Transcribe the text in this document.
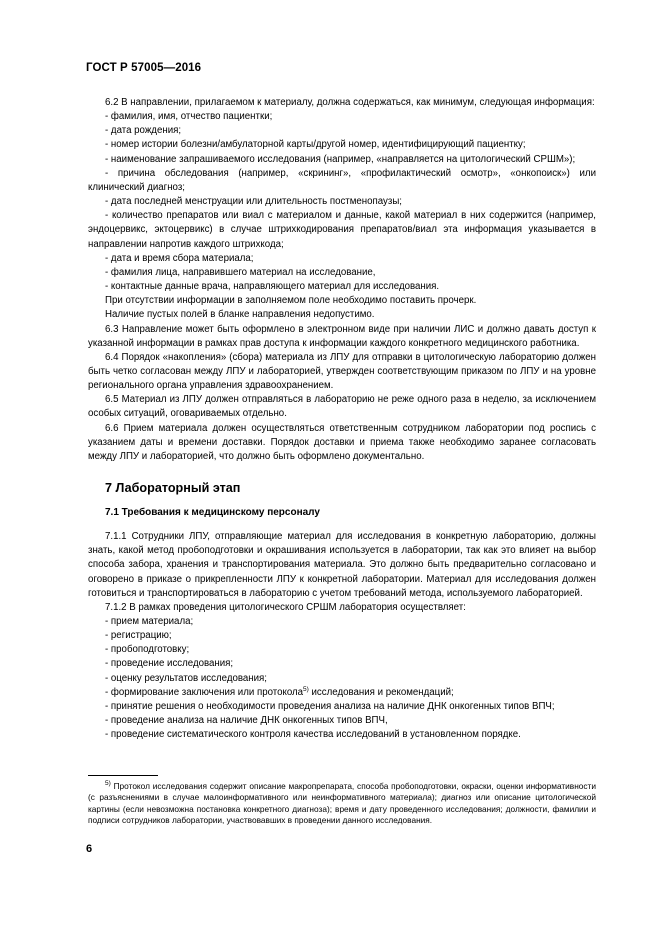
ГОСТ Р 57005—2016

6.2 В направлении, прилагаемом к материалу, должна содержаться, как минимум, следующая информация:

- фамилия, имя, отчество пациентки;

- дата рождения;

- номер истории болезни/амбулаторной карты/другой номер, идентифицирующий пациентку;

- наименование запрашиваемого исследования (например, «направляется на цитологический СРШМ»);

- причина обследования (например, «скрининг», «профилактический осмотр», «онкопоиск») или клинический диагноз;

- дата последней менструации или длительность постменопаузы;

- количество препаратов или виал с материалом и данные, какой материал в них содержится (например, эндоцервикс, эктоцервикс) в случае штрихкодирования препаратов/виал эта информация указывается в направлении напротив каждого штрихкода;

- дата и время сбора материала;

- фамилия лица, направившего материал на исследование,

- контактные данные врача, направляющего материал для исследования.

При отсутствии информации в заполняемом поле необходимо поставить прочерк.

Наличие пустых полей в бланке направления недопустимо.

6.3 Направление может быть оформлено в электронном виде при наличии ЛИС и должно давать доступ к указанной информации в рамках прав доступа к информации каждого конкретного медицинского работника.

6.4 Порядок «накопления» (сбора) материала из ЛПУ для отправки в цитологическую лабораторию должен быть четко согласован между ЛПУ и лабораторией, утвержден соответствующим приказом по ЛПУ и на уровне регионального органа управления здравоохранением.

6.5 Материал из ЛПУ должен отправляться в лабораторию не реже одного раза в неделю, за исключением особых ситуаций, оговариваемых отдельно.

6.6 Прием материала должен осуществляться ответственным сотрудником лаборатории под роспись с указанием даты и времени доставки. Порядок доставки и приема также необходимо заранее согласовать между ЛПУ и лабораторией, что должно быть оформлено документально.

7 Лабораторный этап
7.1 Требования к медицинскому персоналу

7.1.1 Сотрудники ЛПУ, отправляющие материал для исследования в конкретную лабораторию, должны знать, какой метод пробоподготовки и окрашивания используется в лаборатории, так как это влияет на выбор способа забора, хранения и транспортирования материала. Это должно быть предварительно согласовано и оговорено в приказе о прикрепленности ЛПУ к конкретной лаборатории. Материал для исследования должен готовиться и транспортироваться в лабораторию с учетом требований метода, используемого лабораторией.

7.1.2 В рамках проведения цитологического СРШМ лаборатория осуществляет:

- прием материала;

- регистрацию;

- пробоподготовку;

- проведение исследования;

- оценку результатов исследования;

- формирование заключения или протокола$^{5)}$ исследования и рекомендаций;

- принятие решения о необходимости проведения анализа на наличие ДНК онкогенных типов ВПЧ;

- проведение анализа на наличие ДНК онкогенных типов ВПЧ,

- проведение систематического контроля качества исследований в установленном порядке.

$^{5)}$ Протокол исследования содержит описание макропрепарата, способа пробоподготовки, окраски, оценки информативности (с разъяснениями в случае малоинформативного или неинформативного материала); диагноз или описание цитологической картины (если невозможна постановка конкретного диагноза); время и дату проведенного исследования; должности, фамилии и подписи сотрудников лаборатории, участвовавших в проведении данного исследования.
6
